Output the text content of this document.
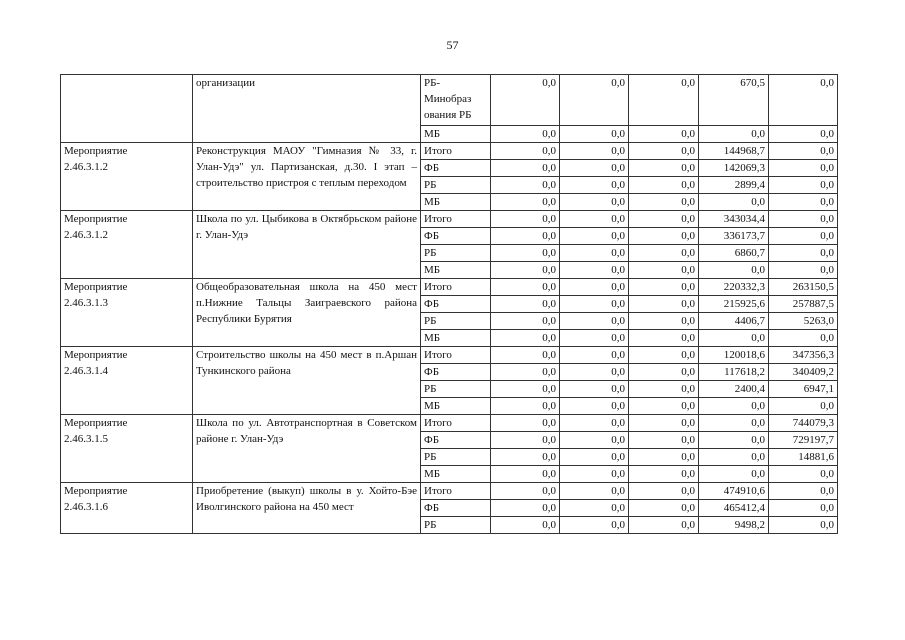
57
	организации	РБ-
Минобраз
ования РБ	0,0	0,0	0,0	670,5	0,0
		МБ	0,0	0,0	0,0	0,0	0,0
Мероприятие
2.46.3.1.2	Реконструкция МАОУ "Гимназия № 33, г. Улан-Удэ" ул. Партизанская, д.30. I этап – строительство пристроя с теплым переходом	Итого	0,0	0,0	0,0	144968,7	0,0
		ФБ	0,0	0,0	0,0	142069,3	0,0
		РБ	0,0	0,0	0,0	2899,4	0,0
		МБ	0,0	0,0	0,0	0,0	0,0
Мероприятие
2.46.3.1.2	Школа по ул. Цыбикова в Октябрьском районе г. Улан-Удэ	Итого	0,0	0,0	0,0	343034,4	0,0
		ФБ	0,0	0,0	0,0	336173,7	0,0
		РБ	0,0	0,0	0,0	6860,7	0,0
		МБ	0,0	0,0	0,0	0,0	0,0
Мероприятие
2.46.3.1.3	Общеобразовательная школа на 450 мест п.Нижние Тальцы Заиграевского района Республики Бурятия	Итого	0,0	0,0	0,0	220332,3	263150,5
		ФБ	0,0	0,0	0,0	215925,6	257887,5
		РБ	0,0	0,0	0,0	4406,7	5263,0
		МБ	0,0	0,0	0,0	0,0	0,0
Мероприятие
2.46.3.1.4	Строительство школы на 450 мест в п.Аршан Тункинского района	Итого	0,0	0,0	0,0	120018,6	347356,3
		ФБ	0,0	0,0	0,0	117618,2	340409,2
		РБ	0,0	0,0	0,0	2400,4	6947,1
		МБ	0,0	0,0	0,0	0,0	0,0
Мероприятие
2.46.3.1.5	Школа по ул. Автотранспортная в Советском районе г. Улан-Удэ	Итого	0,0	0,0	0,0	0,0	744079,3
		ФБ	0,0	0,0	0,0	0,0	729197,7
		РБ	0,0	0,0	0,0	0,0	14881,6
		МБ	0,0	0,0	0,0	0,0	0,0
Мероприятие
2.46.3.1.6	Приобретение (выкуп) школы в у. Хойто-Бэе Иволгинского района на 450 мест	Итого	0,0	0,0	0,0	474910,6	0,0
		ФБ	0,0	0,0	0,0	465412,4	0,0
		РБ	0,0	0,0	0,0	9498,2	0,0
